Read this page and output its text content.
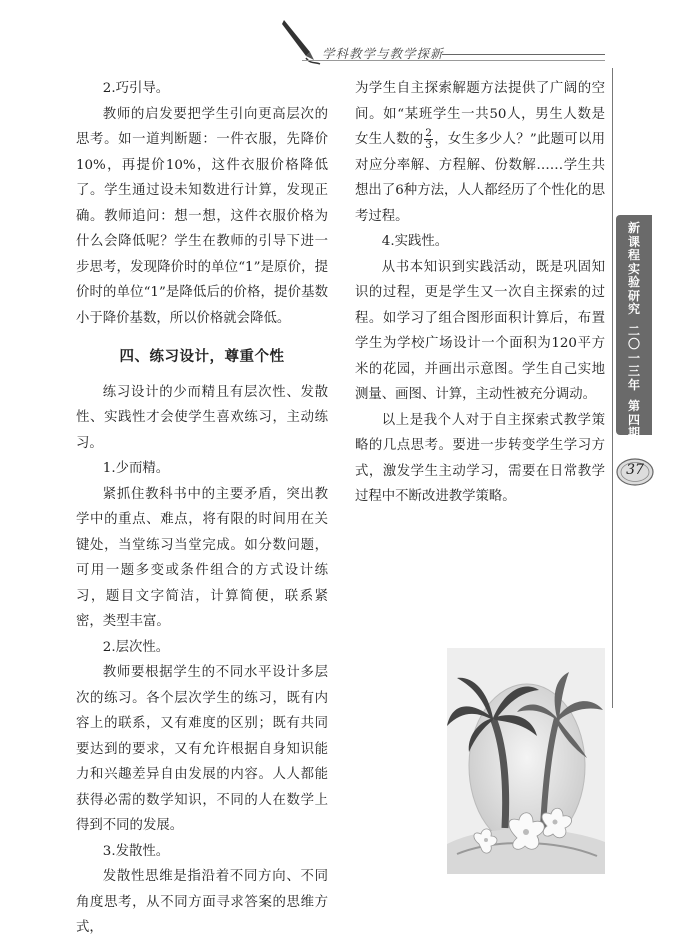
学科教学与教学探新

2.巧引导。

教师的启发要把学生引向更高层次的思考。如一道判断题：一件衣服，先降价10%，再提价10%，这件衣服价格降低了。学生通过设未知数进行计算，发现正确。教师追问：想一想，这件衣服价格为什么会降低呢？学生在教师的引导下进一步思考，发现降价时的单位“1”是原价，提价时的单位“1”是降低后的价格，提价基数小于降价基数，所以价格就会降低。

四、练习设计，尊重个性

练习设计的少而精且有层次性、发散性、实践性才会使学生喜欢练习，主动练习。

1.少而精。

紧抓住教科书中的主要矛盾，突出教学中的重点、难点，将有限的时间用在关键处，当堂练习当堂完成。如分数问题，可用一题多变或条件组合的方式设计练习，题目文字简洁，计算简便，联系紧密，类型丰富。

2.层次性。

教师要根据学生的不同水平设计多层次的练习。各个层次学生的练习，既有内容上的联系，又有难度的区别；既有共同要达到的要求，又有允许根据自身知识能力和兴趣差异自由发展的内容。人人都能获得必需的数学知识，不同的人在数学上得到不同的发展。

3.发散性。

发散性思维是指沿着不同方向、不同角度思考，从不同方面寻求答案的思维方式，

为学生自主探索解题方法提供了广阔的空间。如“某班学生一共50人，男生人数是女生人数的 $\frac{2}{3}$ ，女生多少人？”此题可以用对应分率解、方程解、份数解……学生共想出了6种方法，人人都经历了个性化的思考过程。

4.实践性。

从书本知识到实践活动，既是巩固知识的过程，更是学生又一次自主探索的过程。如学习了组合图形面积计算后，布置学生为学校广场设计一个面积为120平方米的花园，并画出示意图。学生自己实地测量、画图、计算，主动性被充分调动。

以上是我个人对于自主探索式教学策略的几点思考。要进一步转变学生学习方式，激发学生主动学习，需要在日常教学过程中不断改进教学策略。

新
课
程
实
验
研
究

二
〇
一
三
年

第
四
期
37
